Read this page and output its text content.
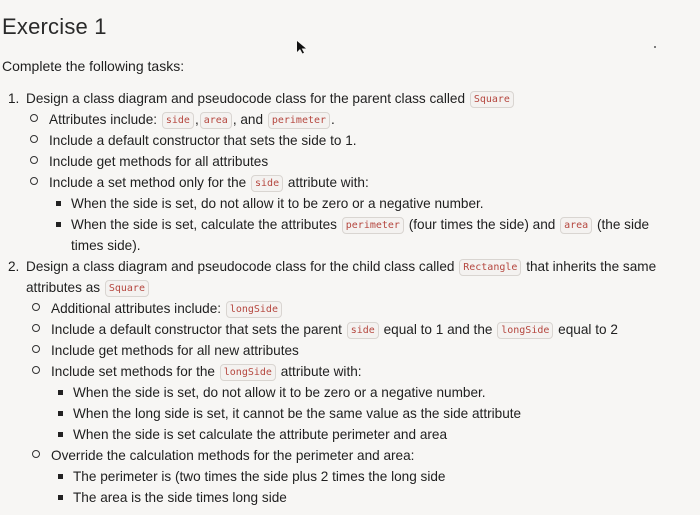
Exercise 1
Complete the following tasks:
1. Design a class diagram and pseudocode class for the parent class called Square
Attributes include: side , area , and perimeter .
Include a default constructor that sets the side to 1.
Include get methods for all attributes
Include a set method only for the side attribute with:
When the side is set, do not allow it to be zero or a negative number.
When the side is set, calculate the attributes perimeter (four times the side) and area (the side
times side).
2. Design a class diagram and pseudocode class for the child class called Rectangle that inherits the same
attributes as Square
Additional attributes include: longSide
Include a default constructor that sets the parent side equal to 1 and the longSide equal to 2
Include get methods for all new attributes
Include set methods for the longSide attribute with:
When the side is set, do not allow it to be zero or a negative number.
When the long side is set, it cannot be the same value as the side attribute
When the side is set calculate the attribute perimeter and area
Override the calculation methods for the perimeter and area:
The perimeter is (two times the side plus 2 times the long side
The area is the side times long side
